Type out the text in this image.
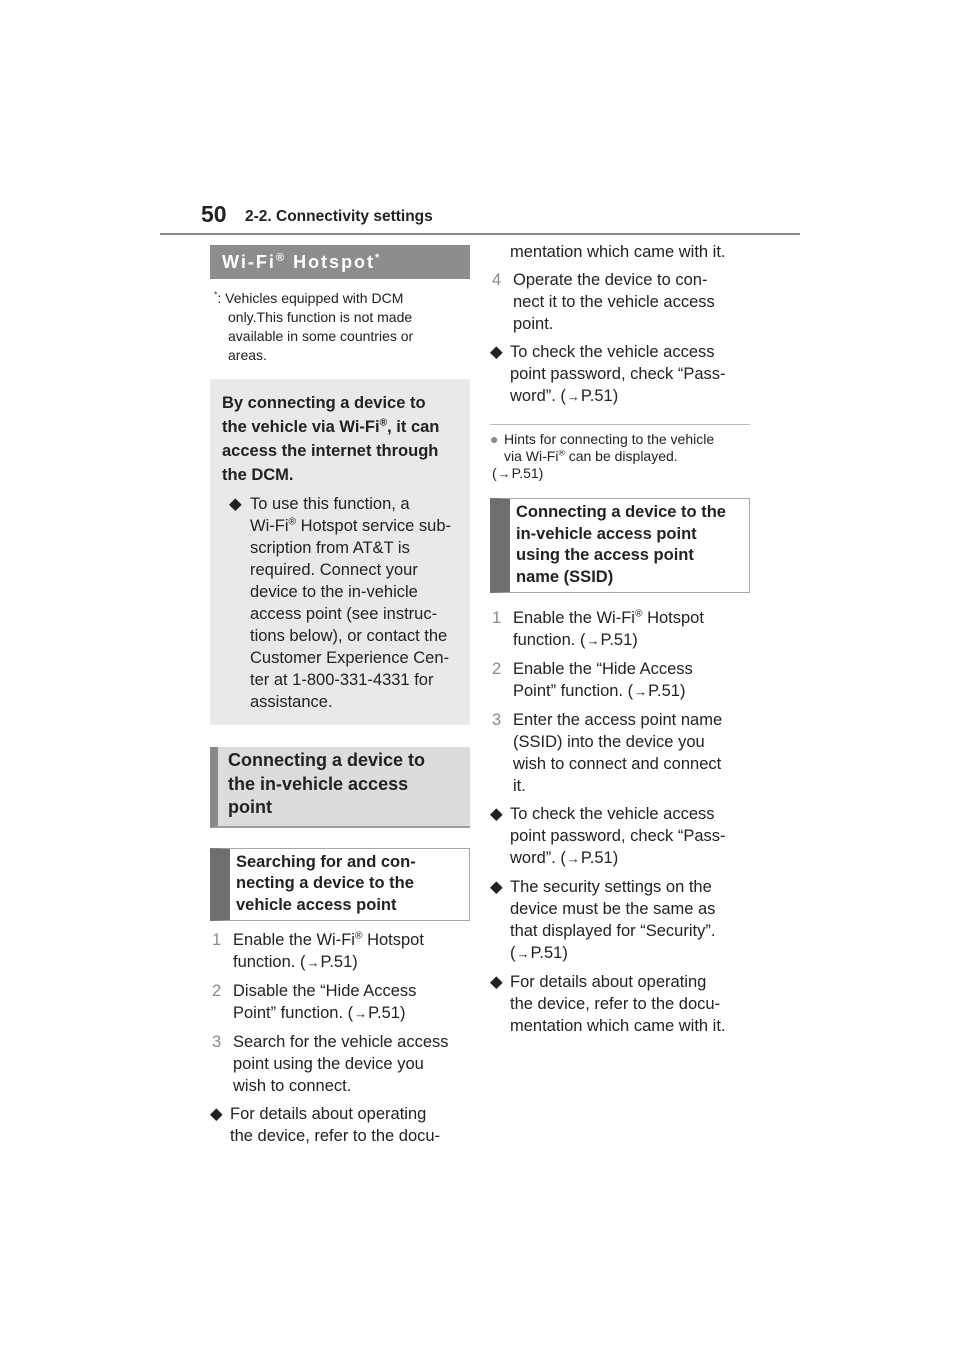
50 2-2. Connectivity settings
Wi-Fi® Hotspot*
*: Vehicles equipped with DCM
only.This function is not made
available in some countries or
areas.
By connecting a device to
the vehicle via Wi-Fi®, it can
access the internet through
the DCM.
◆ To use this function, a
Wi-Fi® Hotspot service sub-
scription from AT&T is
required. Connect your
device to the in-vehicle
access point (see instruc-
tions below), or contact the
Customer Experience Cen-
ter at 1-800-331-4331 for
assistance.
Connecting a device to
the in-vehicle access
point
Searching for and con-
necting a device to the
vehicle access point
1 Enable the Wi-Fi® Hotspot
function. (→P.51)
2 Disable the “Hide Access
Point” function. (→P.51)
3 Search for the vehicle access
point using the device you
wish to connect.
◆ For details about operating
the device, refer to the docu-
mentation which came with it.
4 Operate the device to con-
nect it to the vehicle access
point.
◆ To check the vehicle access
point password, check “Pass-
word”. (→P.51)
● Hints for connecting to the vehicle
via Wi-Fi® can be displayed.
(→P.51)
Connecting a device to the
in-vehicle access point
using the access point
name (SSID)
1 Enable the Wi-Fi® Hotspot
function. (→P.51)
2 Enable the “Hide Access
Point” function. (→P.51)
3 Enter the access point name
(SSID) into the device you
wish to connect and connect
it.
◆ To check the vehicle access
point password, check “Pass-
word”. (→P.51)
◆ The security settings on the
device must be the same as
that displayed for “Security”.
(→P.51)
◆ For details about operating
the device, refer to the docu-
mentation which came with it.
